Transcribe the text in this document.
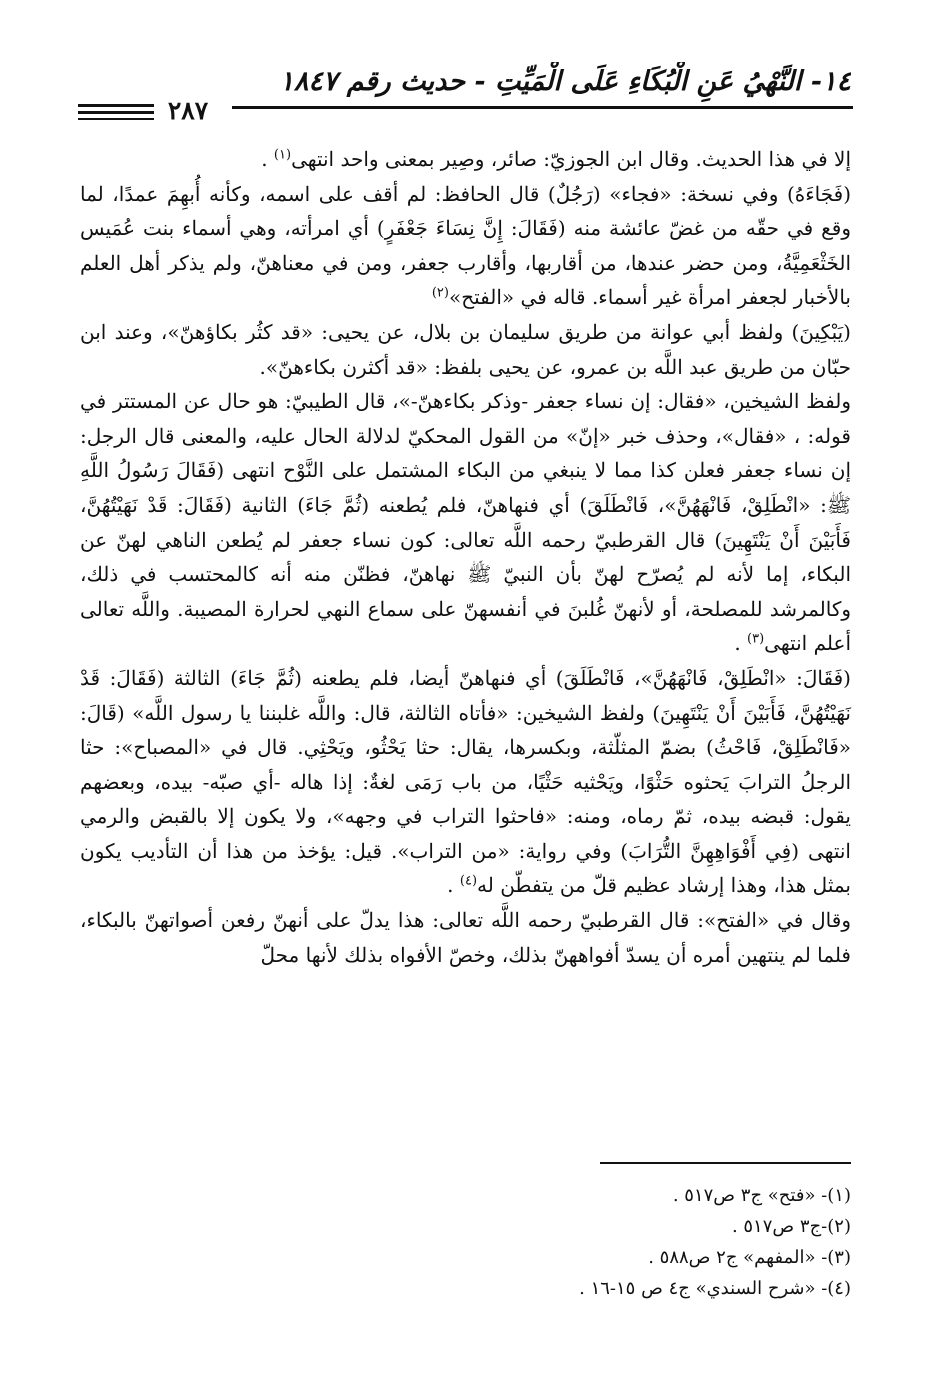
١٤- النَّهْيُ عَنِ الْبُكَاءِ عَلَى الْمَيِّتِ - حديث رقم ١٨٤٧
٢٨٧

إلا في هذا الحديث. وقال ابن الجوزيّ: صائر، وصِير بمعنى واحد انتهى$^{(١)}$ .

(فَجَاءَهُ) وفي نسخة: «فجاء» (رَجُلٌ) قال الحافظ: لم أقف على اسمه، وكأنه أُبهِمَ عمدًا، لما وقع في حقّه من غضّ عائشة منه (فَقَالَ: إِنَّ نِسَاءَ جَعْفَرٍ) أي امرأته، وهي أسماء بنت عُمَيس الخَثْعَمِيَّةُ، ومن حضر عندها، من أقاربها، وأقارب جعفر، ومن في معناهنّ، ولم يذكر أهل العلم بالأخبار لجعفر امرأة غير أسماء. قاله في «الفتح»$^{(٢)}$

(يَبْكِينَ) ولفظ أبي عوانة من طريق سليمان بن بلال، عن يحيى: «قد كثُر بكاؤهنّ»، وعند ابن حبّان من طريق عبد اللَّه بن عمرو، عن يحيى بلفظ: «قد أكثرن بكاءهنّ».

ولفظ الشيخين، «فقال: إن نساء جعفر -وذكر بكاءهنّ-»، قال الطيبيّ: هو حال عن المستتر في قوله: ، «فقال»، وحذف خبر «إنّ» من القول المحكيّ لدلالة الحال عليه، والمعنى قال الرجل: إن نساء جعفر فعلن كذا مما لا ينبغي من البكاء المشتمل على النَّوْح انتهى (فَقَالَ رَسُولُ اللَّهِ ﷺ: «انْطَلِقْ، فَانْهَهُنَّ»، فَانْطَلَقَ) أي فنهاهنّ، فلم يُطعنه (ثُمَّ جَاءَ) الثانية (فَقَالَ: قَدْ نَهَيْتُهُنَّ، فَأَبَيْنَ أَنْ يَنْتَهِينَ) قال القرطبيّ رحمه اللَّه تعالى: كون نساء جعفر لم يُطعن الناهي لهنّ عن البكاء، إما لأنه لم يُصرّح لهنّ بأن النبيّ ﷺ نهاهنّ، فظنّن منه أنه كالمحتسب في ذلك، وكالمرشد للمصلحة، أو لأنهنّ غُلبنَ في أنفسهنّ على سماع النهي لحرارة المصيبة. واللَّه تعالى أعلم انتهى$^{(٣)}$ .

(فَقَالَ: «انْطَلِقْ، فَانْهَهُنَّ»، فَانْطَلَقَ) أي فنهاهنّ أيضا، فلم يطعنه (ثُمَّ جَاءَ) الثالثة (فَقَالَ: قَدْ نَهَيْتُهُنَّ، فَأَبَيْنَ أَنْ يَنْتَهِينَ) ولفظ الشيخين: «فأتاه الثالثة، قال: واللَّه غلبننا يا رسول اللَّه» (قَالَ: «فَانْطَلِقْ، فَاحْثُ) بضمّ المثلّثة، وبكسرها، يقال: حثا يَحْثُو، ويَحْثِي. قال في «المصباح»: حثا الرجلُ الترابَ يَحثوه حَثْوًا، ويَحْثيه حَثْيًا، من باب رَمَى لغةٌ: إذا هاله -أي صبّه- بيده، وبعضهم يقول: قبضه بيده، ثمّ رماه، ومنه: «فاحثوا التراب في وجهه»، ولا يكون إلا بالقبض والرمي انتهى (فِي أَفْوَاهِهِنَّ التُّرَابَ) وفي رواية: «من التراب». قيل: يؤخذ من هذا أن التأديب يكون بمثل هذا، وهذا إرشاد عظيم قلّ من يتفطّن له$^{(٤)}$ .

وقال في «الفتح»: قال القرطبيّ رحمه اللَّه تعالى: هذا يدلّ على أنهنّ رفعن أصواتهنّ بالبكاء، فلما لم ينتهين أمره أن يسدّ أفواههنّ بذلك، وخصّ الأفواه بذلك لأنها محلّ

(١)- «فتح» ج٣ ص٥١٧ .
(٢)-ج٣ ص٥١٧ .
(٣)- «المفهم» ج٢ ص٥٨٨ .
(٤)- «شرح السندي» ج٤ ص ١٥-١٦ .
